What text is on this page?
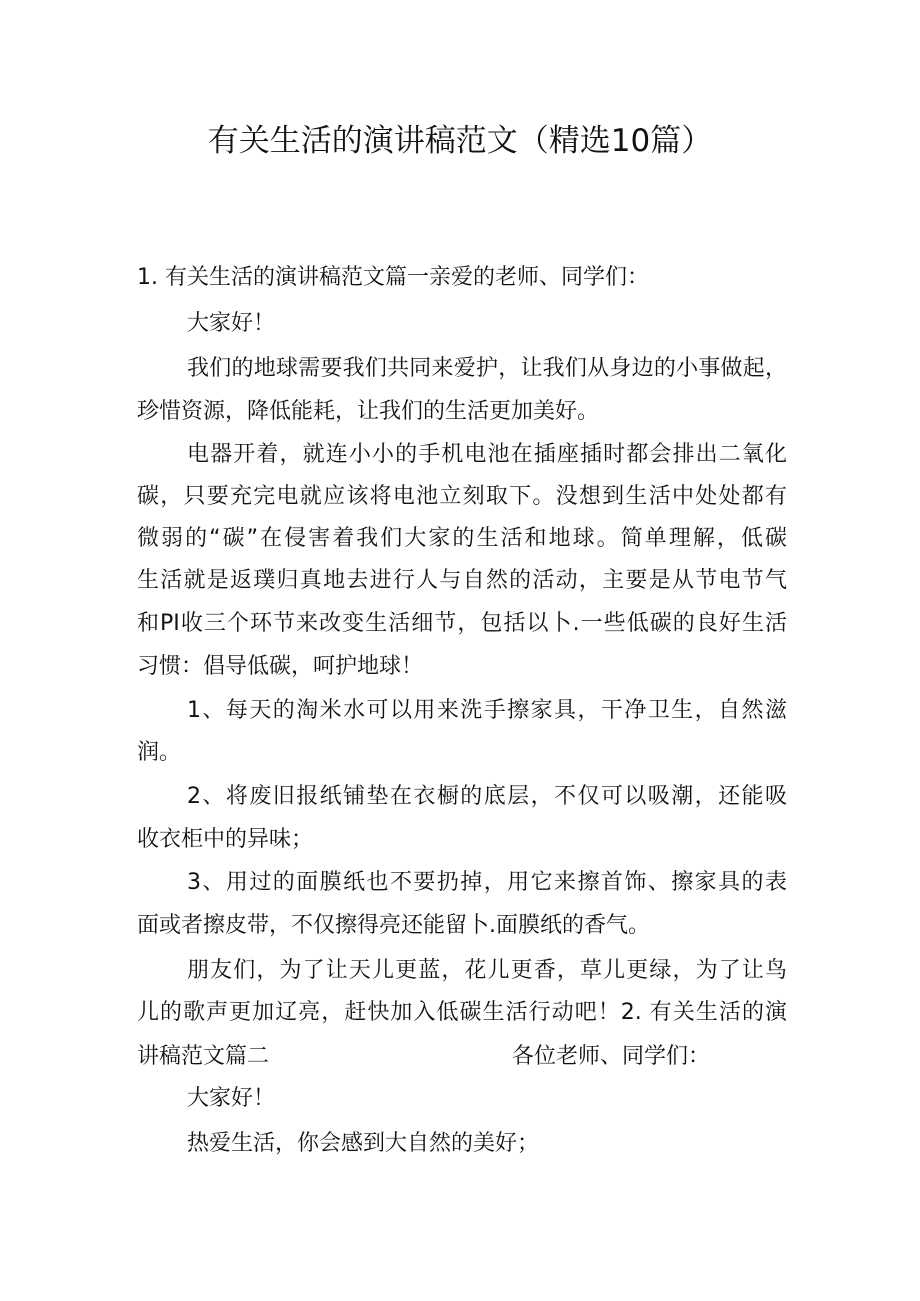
有关生活的演讲稿范文（精选10篇）
1. 有关生活的演讲稿范文篇一亲爱的老师、同学们：
大家好！
我们的地球需要我们共同来爱护，让我们从身边的小事做起，
珍惜资源，降低能耗，让我们的生活更加美好。
电器开着，就连小小的手机电池在插座插时都会排出二氧化
碳，只要充完电就应该将电池立刻取下。没想到生活中处处都有
微弱的“碳”在侵害着我们大家的生活和地球。简单理解，低碳
生活就是返璞归真地去进行人与自然的活动，主要是从节电节气
和PI收三个环节来改变生活细节，包括以卜.一些低碳的良好生活
习惯：倡导低碳，呵护地球！
1、每天的淘米水可以用来洗手擦家具，干净卫生，自然滋
润。
2、将废旧报纸铺垫在衣橱的底层，不仅可以吸潮，还能吸
收衣柜中的异味；
3、用过的面膜纸也不要扔掉，用它来擦首饰、擦家具的表
面或者擦皮带，不仅擦得亮还能留卜.面膜纸的香气。
朋友们，为了让天儿更蓝，花儿更香，草儿更绿，为了让鸟
儿的歌声更加辽亮，赶快加入低碳生活行动吧！2. 有关生活的演
讲稿范文篇二	各位老师、同学们：
大家好！
热爱生活，你会感到大自然的美好；
